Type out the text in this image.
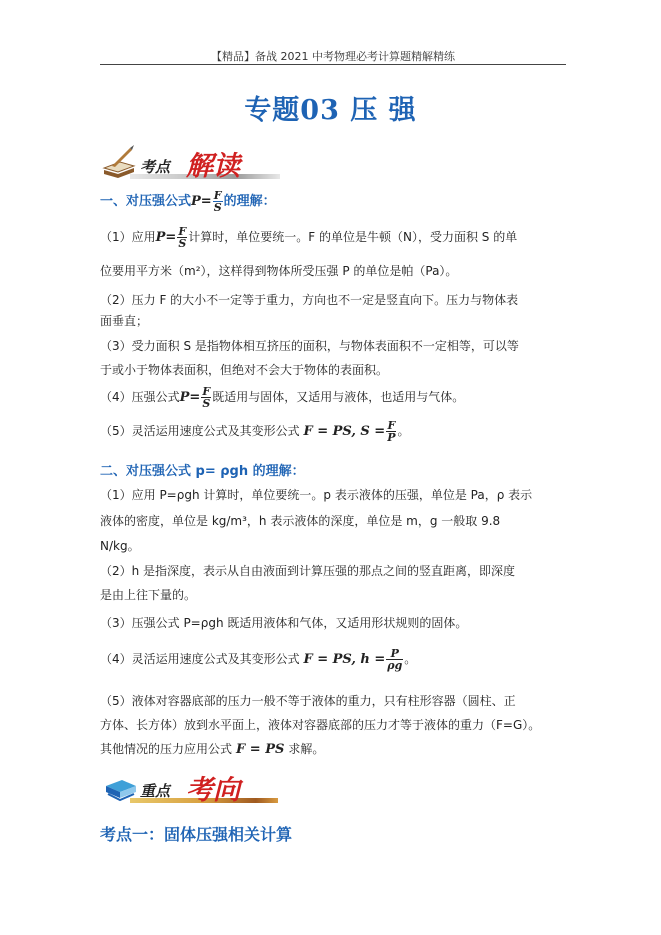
【精品】备战 2021 中考物理必考计算题精解精练
专题03 压 强
考点 解读
一、对压强公式$P= \frac{F}{S}$ 的理解：
（1）应用$P= \frac{F}{S}$ 计算时，单位要统一。F 的单位是牛顿（N），受力面积 S 的单
位要用平方米（m²），这样得到物体所受压强 P 的单位是帕（Pa）。
（2）压力 F 的大小不一定等于重力，方向也不一定是竖直向下。压力与物体表
面垂直；
（3）受力面积 S 是指物体相互挤压的面积，与物体表面积不一定相等，可以等
于或小于物体表面积，但绝对不会大于物体的表面积。
（4）压强公式$P= \frac{F}{S}$ 既适用与固体，又适用与液体，也适用与气体。
（5）灵活运用速度公式及其变形公式 F = PS, $S = \frac{F}{P}$ 。
二、对压强公式 p= ρgh 的理解：
（1）应用 P=ρgh 计算时，单位要统一。p 表示液体的压强，单位是 Pa，ρ 表示
液体的密度，单位是 kg/m³，h 表示液体的深度，单位是 m，g 一般取 9.8
N/kg。
（2）h 是指深度，表示从自由液面到计算压强的那点之间的竖直距离，即深度
是由上往下量的。
（3）压强公式 P=ρgh 既适用液体和气体，又适用形状规则的固体。
（4）灵活运用速度公式及其变形公式 F = PS, $h = \frac{P}{\rho g}$ 。
（5）液体对容器底部的压力一般不等于液体的重力，只有柱形容器（圆柱、正
方体、长方体）放到水平面上，液体对容器底部的压力才等于液体的重力（F=G）。
其他情况的压力应用公式 F = PS 求解。
重点 考向
考点一：固体压强相关计算
